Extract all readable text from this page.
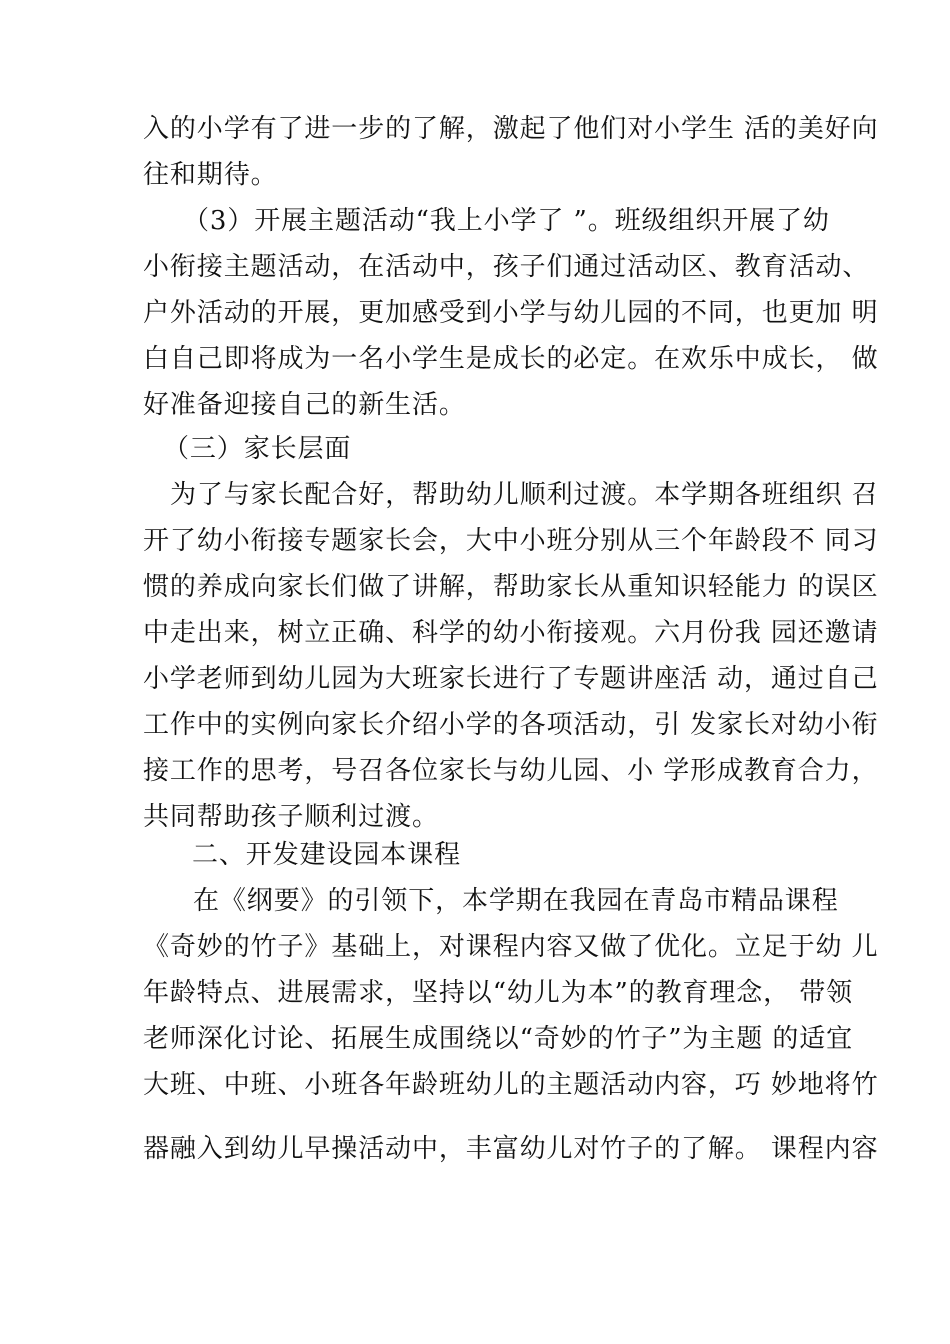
入的小学有了进一步的了解，激起了他们对小学生 活的美好向
往和期待。
（3）开展主题活动“我上小学了 ”。班级组织开展了幼
小衔接主题活动，在活动中，孩子们通过活动区、教育活动、
户外活动的开展，更加感受到小学与幼儿园的不同，也更加 明
白自己即将成为一名小学生是成长的必定。在欢乐中成长， 做
好准备迎接自己的新生活。
（三）家长层面
为了与家长配合好，帮助幼儿顺利过渡。本学期各班组织 召
开了幼小衔接专题家长会，大中小班分别从三个年龄段不 同习
惯的养成向家长们做了讲解，帮助家长从重知识轻能力 的误区
中走出来，树立正确、科学的幼小衔接观。六月份我 园还邀请
小学老师到幼儿园为大班家长进行了专题讲座活 动，通过自己
工作中的实例向家长介绍小学的各项活动，引 发家长对幼小衔
接工作的思考，号召各位家长与幼儿园、小 学形成教育合力，
共同帮助孩子顺利过渡。
二、开发建设园本课程
在《纲要》的引领下，本学期在我园在青岛市精品课程
《奇妙的竹子》基础上，对课程内容又做了优化。立足于幼 儿
年龄特点、进展需求，坚持以“幼儿为本”的教育理念， 带领
老师深化讨论、拓展生成围绕以“奇妙的竹子”为主题 的适宜
大班、中班、小班各年龄班幼儿的主题活动内容，巧 妙地将竹
器融入到幼儿早操活动中，丰富幼儿对竹子的了解。 课程内容
